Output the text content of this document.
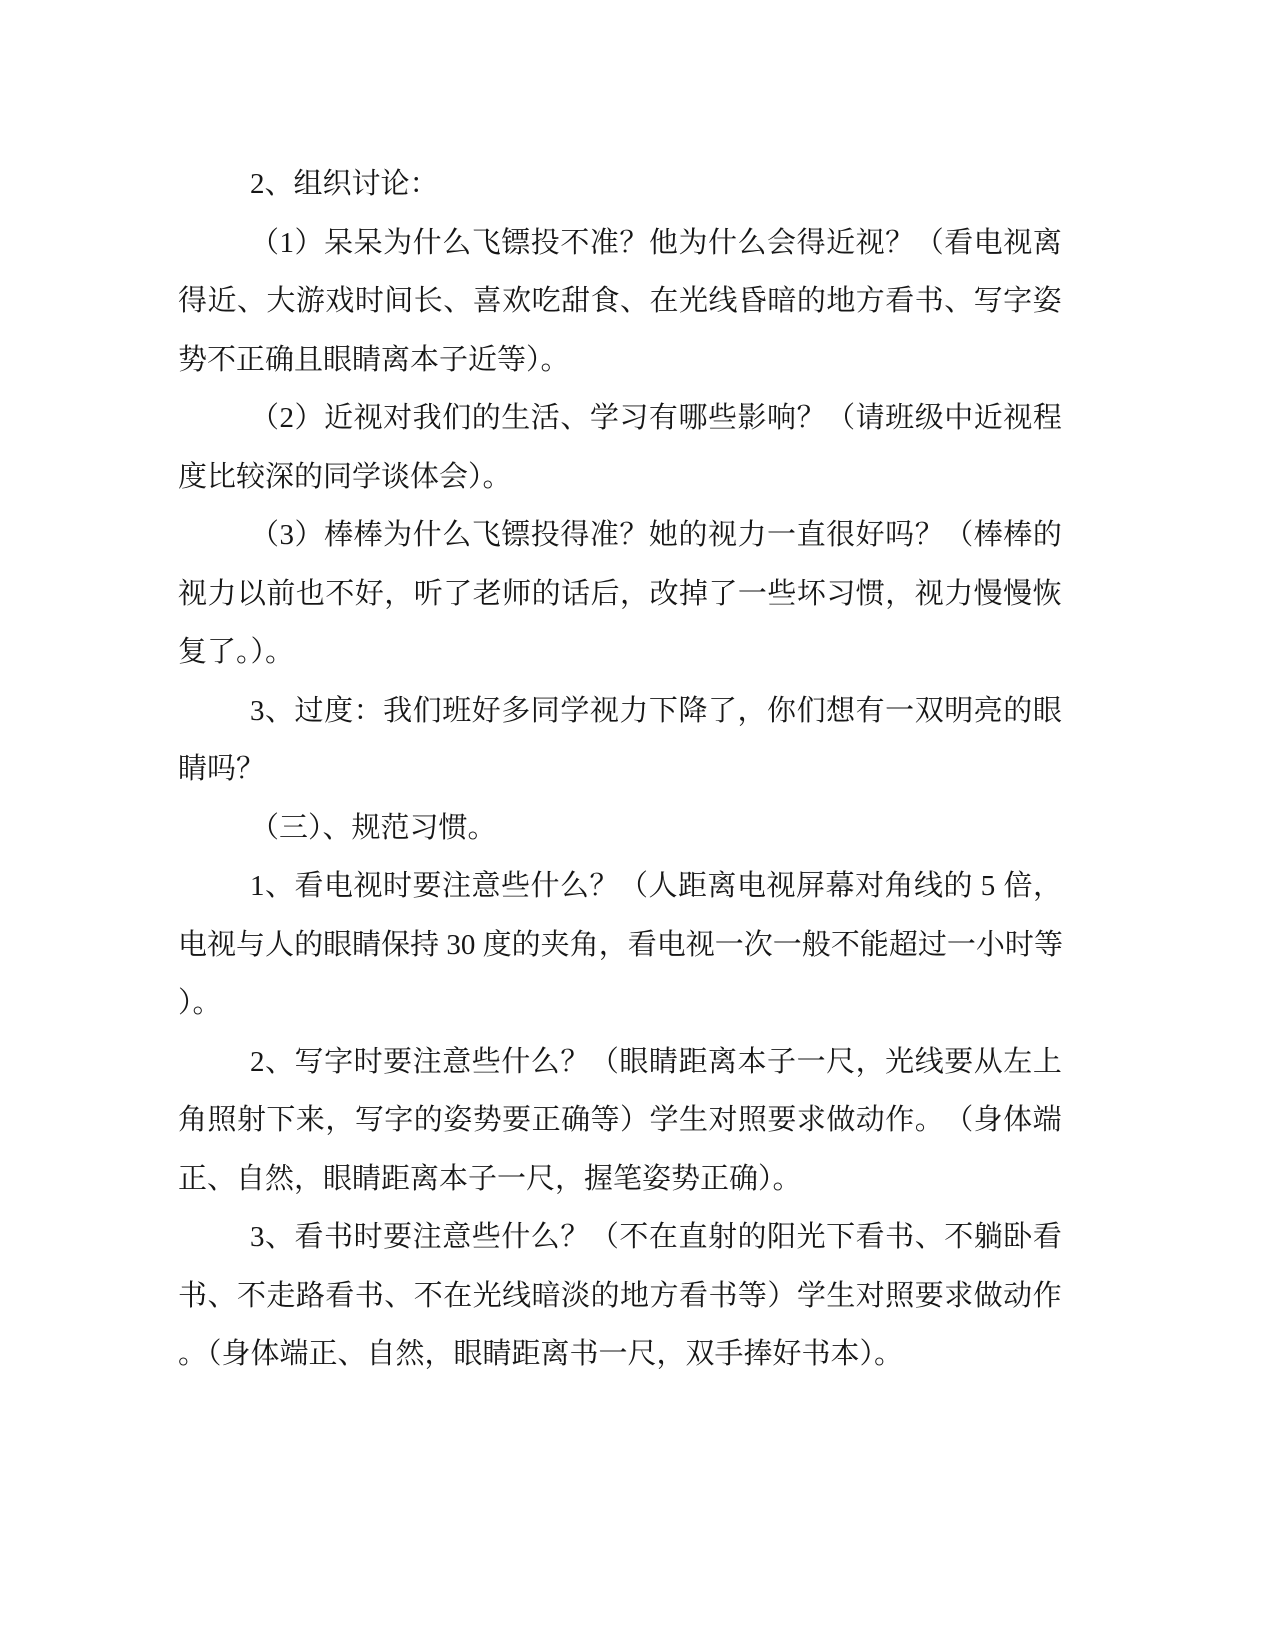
2、组织讨论：
（ 1 ） 呆 呆 为 什 么 飞 镖 投 不 准 ？ 他 为 什 么 会 得 近 视 ？ （ 看 电 视 离
得 近 、 大 游 戏 时 间 长 、 喜 欢 吃 甜 食 、 在 光 线 昏 暗 的 地 方 看 书 、 写 字 姿
势不正确且眼睛离本子近等）。
（ 2 ） 近 视 对 我 们 的 生 活 、 学 习 有 哪 些 影 响 ？ （ 请 班 级 中 近 视 程
度比较深的同学谈体会）。
（ 3 ） 棒 棒 为 什 么 飞 镖 投 得 准 ？ 她 的 视 力 一 直 很 好 吗 ？ （ 棒 棒 的
视 力 以 前 也 不 好 ， 听 了 老 师 的 话 后 ， 改 掉 了 一 些 坏 习 惯 ， 视 力 慢 慢 恢
复了。）。
3 、 过 度 ： 我 们 班 好 多 同 学 视 力 下 降 了 ， 你 们 想 有 一 双 明 亮 的 眼
睛吗？
（三）、规范习惯。
1 、 看 电 视 时 要 注 意 些 什 么 ？ （ 人 距 离 电 视 屏 幕 对 角 线 的
5
倍 ，
电 视 与 人 的 眼 睛 保 持
30
度 的 夹 角 ， 看 电 视 一 次 一 般 不 能 超 过 一 小 时 等
）。
2 、 写 字 时 要 注 意 些 什 么 ？ （ 眼 睛 距 离 本 子 一 尺 ， 光 线 要 从 左 上
角 照 射 下 来 ， 写 字 的 姿 势 要 正 确 等 ） 学 生 对 照 要 求 做 动 作 。 （ 身 体 端
正、自然，眼睛距离本子一尺，握笔姿势正确）。
3 、 看 书 时 要 注 意 些 什 么 ？ （ 不 在 直 射 的 阳 光 下 看 书 、 不 躺 卧 看
书 、 不 走 路 看 书 、 不 在 光 线 暗 淡 的 地 方 看 书 等 ） 学 生 对 照 要 求 做 动 作
。（身体端正、自然，眼睛距离书一尺，双手捧好书本）。
